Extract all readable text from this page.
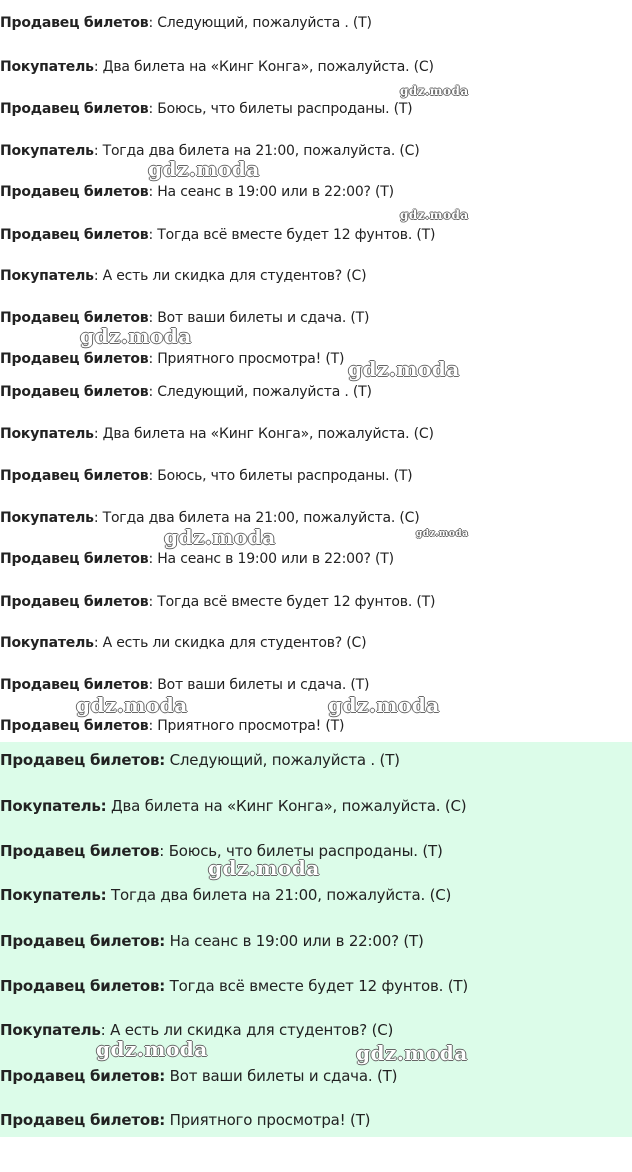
Продавец билетов: Следующий, пожалуйста . (T)
Покупатель: Два билета на «Кинг Конга», пожалуйста. (C)
Продавец билетов: Боюсь, что билеты распроданы. (T)
Покупатель: Тогда два билета на 21:00, пожалуйста. (C)
Продавец билетов: На сеанс в 19:00 или в 22:00? (T)
Продавец билетов: Тогда всё вместе будет 12 фунтов. (T)
Покупатель: А есть ли скидка для студентов? (C)
Продавец билетов: Вот ваши билеты и сдача. (T)
Продавец билетов: Приятного просмотра! (T)
Продавец билетов: Следующий, пожалуйста . (T)
Покупатель: Два билета на «Кинг Конга», пожалуйста. (C)
Продавец билетов: Боюсь, что билеты распроданы. (T)
Покупатель: Тогда два билета на 21:00, пожалуйста. (C)
Продавец билетов: На сеанс в 19:00 или в 22:00? (T)
Продавец билетов: Тогда всё вместе будет 12 фунтов. (T)
Покупатель: А есть ли скидка для студентов? (C)
Продавец билетов: Вот ваши билеты и сдача. (T)
Продавец билетов: Приятного просмотра! (T)
Продавец билетов: Следующий, пожалуйста . (T)
Покупатель: Два билета на «Кинг Конга», пожалуйста. (C)
Продавец билетов: Боюсь, что билеты распроданы. (T)
Покупатель: Тогда два билета на 21:00, пожалуйста. (C)
Продавец билетов: На сеанс в 19:00 или в 22:00? (T)
Продавец билетов: Тогда всё вместе будет 12 фунтов. (T)
Покупатель: А есть ли скидка для студентов? (C)
Продавец билетов: Вот ваши билеты и сдача. (T)
Продавец билетов: Приятного просмотра! (T)
gdz.moda
gdz.moda
gdz.moda
gdz.moda
gdz.moda
gdz.moda
gdz.moda
gdz.moda	gdz.moda
gdz.moda
gdz.moda	gdz.moda
